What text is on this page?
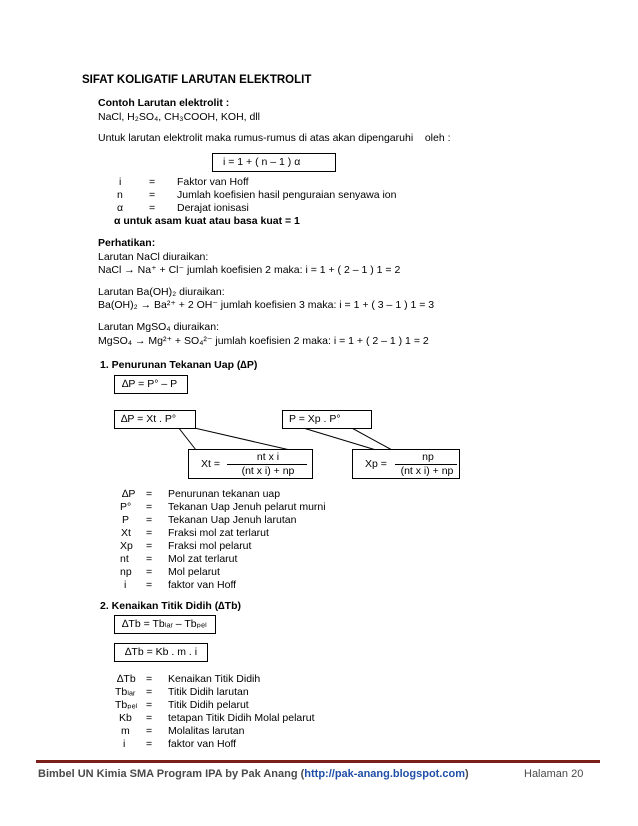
SIFAT KOLIGATIF LARUTAN ELEKTROLIT
Contoh Larutan elektrolit :
NaCl, H₂SO₄, CH₃COOH, KOH, dll
Untuk larutan elektrolit maka rumus-rumus di atas akan dipengaruhi    oleh :
i = 1 + ( n – 1 ) α
i	= Faktor van Hoff
n = Jumlah koefisien hasil penguraian senyawa ion
α = Derajat ionisasi
α untuk asam kuat atau basa kuat = 1
Perhatikan:
Larutan NaCl diuraikan:
NaCl → Na⁺ + Cl⁻ jumlah koefisien 2 maka: i = 1 + ( 2 – 1 ) 1 = 2
Larutan Ba(OH)₂ diuraikan:
Ba(OH)₂ → Ba²⁺ + 2 OH⁻ jumlah koefisien 3 maka: i = 1 + ( 3 – 1 ) 1 = 3
Larutan MgSO₄ diuraikan:
MgSO₄ → Mg²⁺ + SO₄²⁻ jumlah koefisien 2 maka: i = 1 + ( 2 – 1 ) 1 = 2
1. Penurunan Tekanan Uap (∆P)
∆P = P° – P
∆P = Xt . P°	P = Xp . P°
Xt =
nt x i
(nt x i) + np
Xp =
np
(nt x i) + np
∆P = Penurunan tekanan uap
P° = Tekanan Uap Jenuh pelarut murni
P = Tekanan Uap Jenuh larutan
Xt = Fraksi mol zat terlarut
Xp = Fraksi mol pelarut
nt = Mol zat terlarut
np = Mol pelarut
i = faktor van Hoff
2. Kenaikan Titik Didih (∆Tb)
∆Tb = Tbₗₐᵣ – Tbₚₑₗ
∆Tb = Kb . m . i
∆Tb = Kenaikan Titik Didih
Tbₗₐᵣ = Titik Didih larutan
Tbₚₑₗ = Titik Didih pelarut
Kb = tetapan Titik Didih Molal pelarut
m = Molalitas larutan
i = faktor van Hoff
Bimbel UN Kimia SMA Program IPA by Pak Anang (http://pak-anang.blogspot.com)	Halaman 20
